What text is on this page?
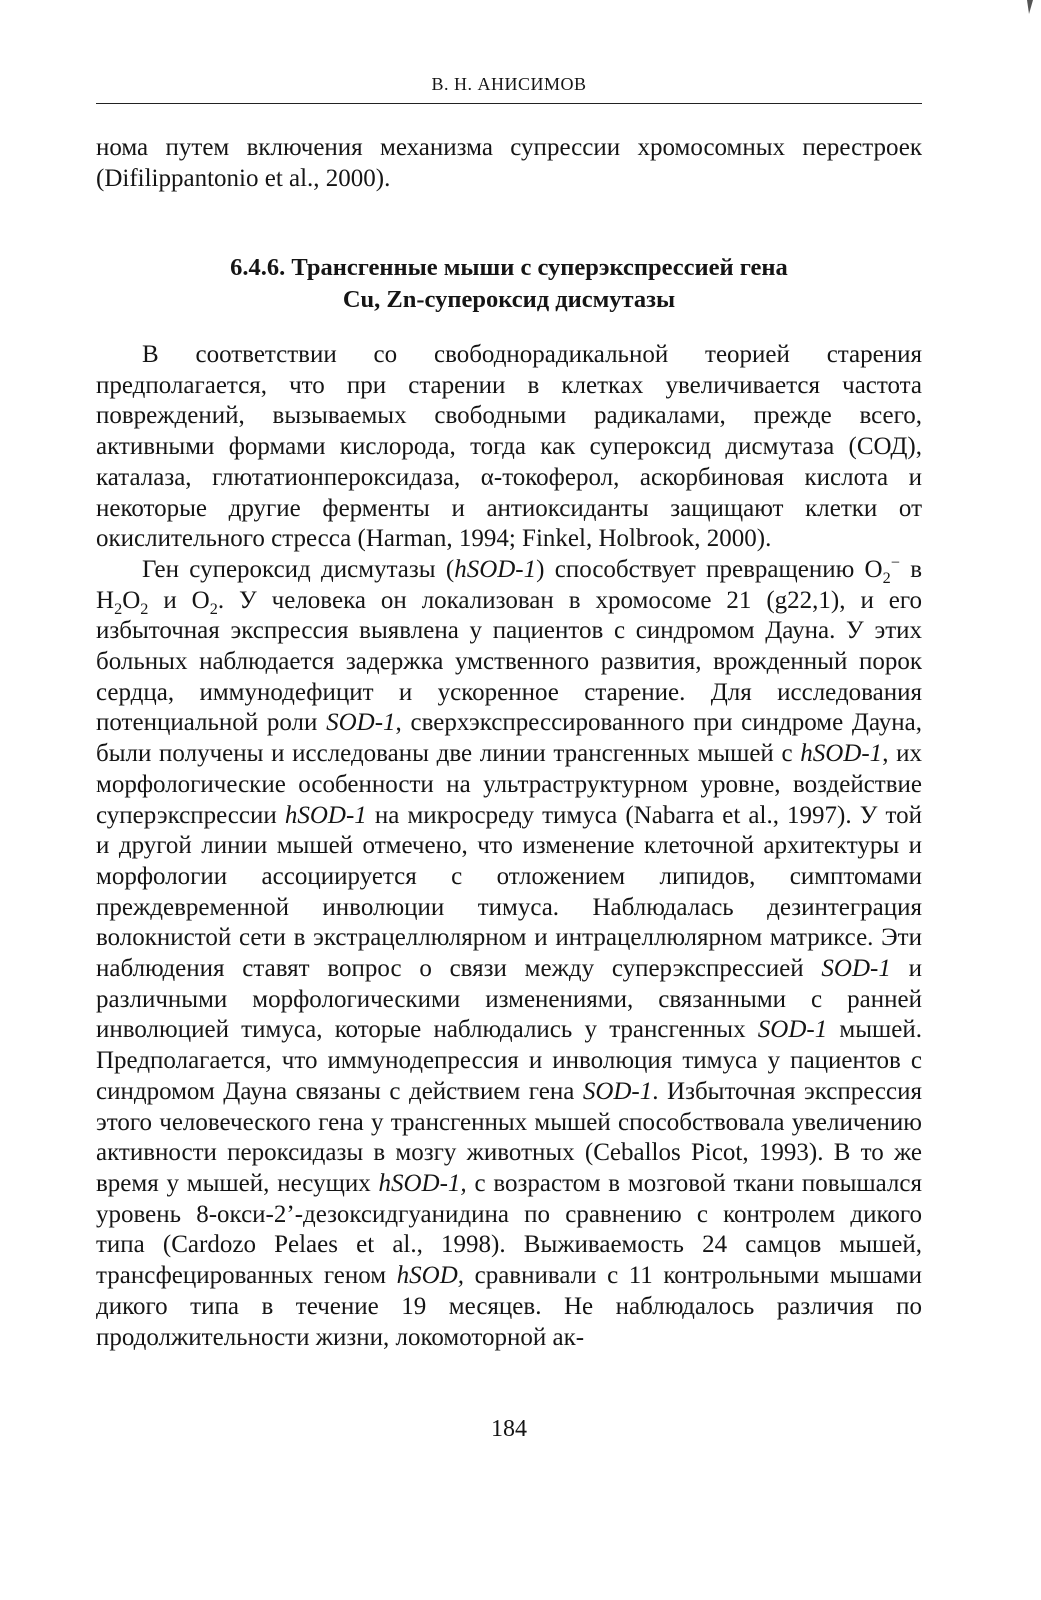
В. Н. АНИСИМОВ

нома путем включения механизма супрессии хромосомных перестроек (Difilippantonio et al., 2000).

6.4.6. Трансгенные мыши с суперэкспрессией гена
Cu, Zn-супероксид дисмутазы

В соответствии со свободнорадикальной теорией старения предполагается, что при старении в клетках увеличивается частота повреждений, вызываемых свободными радикалами, прежде всего, активными формами кислорода, тогда как супероксид дисмутаза (СОД), каталаза, глютатионпероксидаза, α-токоферол, аскорбиновая кислота и некоторые другие ферменты и антиоксиданты защищают клетки от окислительного стресса (Harman, 1994; Finkel, Holbrook, 2000).

Ген супероксид дисмутазы (hSOD-1) способствует превращению $O_2^-$ в $H_2O_2$ и $O_2$. У человека он локализован в хромосоме 21 (g22,1), и его избыточная экспрессия выявлена у пациентов с синдромом Дауна. У этих больных наблюдается задержка умственного развития, врожденный порок сердца, иммунодефицит и ускоренное старение. Для исследования потенциальной роли SOD-1, сверхэкспрессированного при синдроме Дауна, были получены и исследованы две линии трансгенных мышей с hSOD-1, их морфологические особенности на ультраструктурном уровне, воздействие суперэкспрессии hSOD-1 на микросреду тимуса (Nabarra et al., 1997). У той и другой линии мышей отмечено, что изменение клеточной архитектуры и морфологии ассоциируется с отложением липидов, симптомами преждевременной инволюции тимуса. Наблюдалась дезинтеграция волокнистой сети в экстрацеллюлярном и интрацеллюлярном матриксе. Эти наблюдения ставят вопрос о связи между суперэкспрессией SOD-1 и различными морфологическими изменениями, связанными с ранней инволюцией тимуса, которые наблюдались у трансгенных SOD-1 мышей. Предполагается, что иммунодепрессия и инволюция тимуса у пациентов с синдромом Дауна связаны с действием гена SOD-1. Избыточная экспрессия этого человеческого гена у трансгенных мышей способствовала увеличению активности пероксидазы в мозгу животных (Ceballos Picot, 1993). В то же время у мышей, несущих hSOD-1, с возрастом в мозговой ткани повышался уровень 8-окси-2’-дезоксидгуанидина по сравнению с контролем дикого типа (Cardozo Pelaes et al., 1998). Выживаемость 24 самцов мышей, трансфецированных геном hSOD, сравнивали с 11 контрольными мышами дикого типа в течение 19 месяцев. Не наблюдалось различия по продолжительности жизни, локомоторной ак-

184
